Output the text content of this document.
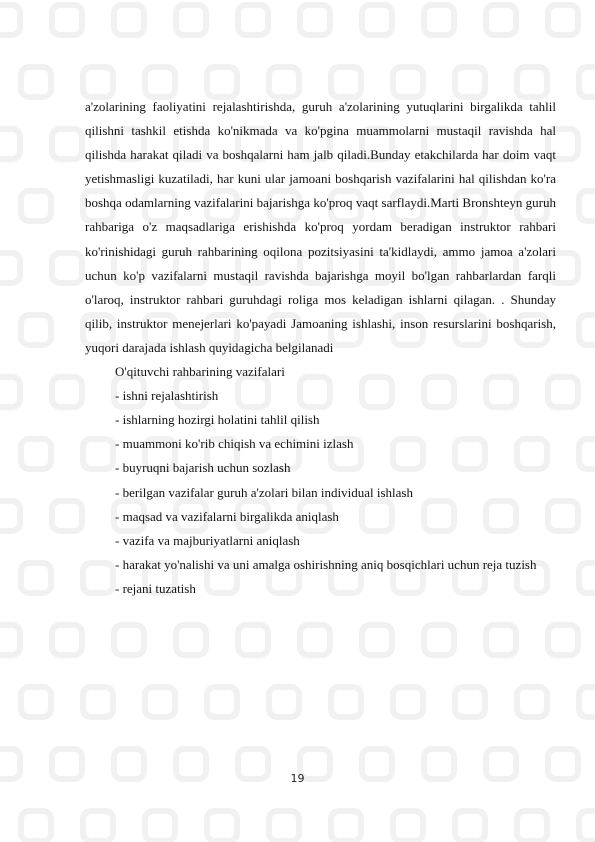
a'zolarining faoliyatini rejalashtirishda, guruh a'zolarining yutuqlarini birgalikda tahlil qilishni tashkil etishda ko'nikmada va ko'pgina muammolarni mustaqil ravishda hal qilishda harakat qiladi va boshqalarni ham jalb qiladi.Bunday etakchilarda har doim vaqt yetishmasligi kuzatiladi, har kuni ular jamoani boshqarish vazifalarini hal qilishdan ko'ra boshqa odamlarning vazifalarini bajarishga ko'proq vaqt sarflaydi.Marti Bronshteyn guruh rahbariga o'z maqsadlariga erishishda ko'proq yordam beradigan instruktor rahbari ko'rinishidagi guruh rahbarining oqilona pozitsiyasini ta'kidlaydi, ammo jamoa a'zolari uchun ko'p vazifalarni mustaqil ravishda bajarishga moyil bo'lgan rahbarlardan farqli o'laroq, instruktor rahbari guruhdagi roliga mos keladigan ishlarni qilagan. . Shunday qilib, instruktor menejerlari ko'payadi Jamoaning ishlashi, inson resurslarini boshqarish, yuqori darajada ishlash quyidagicha belgilanadi

O'qituvchi rahbarining vazifalari

- ishni rejalashtirish

- ishlarning hozirgi holatini tahlil qilish

- muammoni ko'rib chiqish va echimini izlash

- buyruqni bajarish uchun sozlash

- berilgan vazifalar guruh a'zolari bilan individual ishlash

- maqsad va vazifalarni birgalikda aniqlash

- vazifa va majburiyatlarni aniqlash

- harakat yo'nalishi va uni amalga oshirishning aniq bosqichlari uchun reja tuzish

- rejani tuzatish

19
